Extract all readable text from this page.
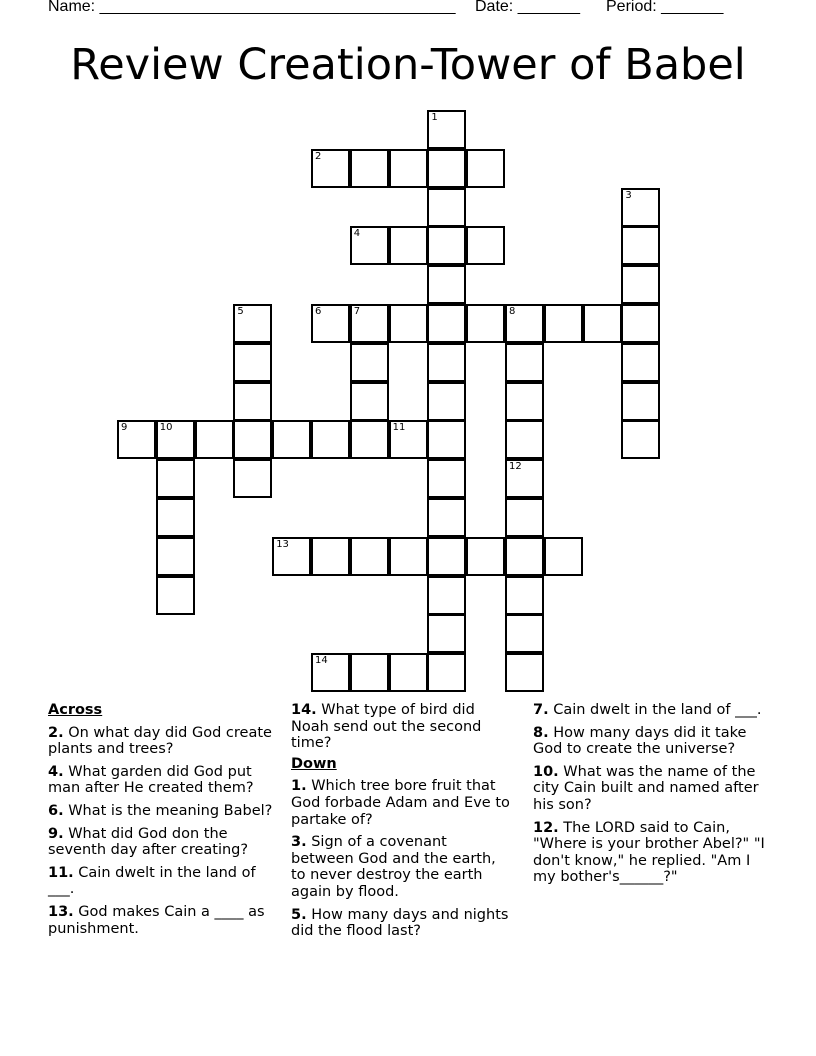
Name: ________________________________________

Date: _______

Period: _______

Review Creation-Tower of Babel
2
4
6	7	8
9	10	11
13
14
1
3
5
12
Across
2. On what day did God create plants and trees?
4. What garden did God put man after He created them?
6. What is the meaning Babel?
9. What did God don the seventh day after creating?
11. Cain dwelt in the land of ___.
13. God makes Cain a ____ as punishment.
14. What type of bird did Noah send out the second time?
Down
1. Which tree bore fruit that God forbade Adam and Eve to partake of?
3. Sign of a covenant between God and the earth, to never destroy the earth again by flood.
5. How many days and nights did the flood last?
7. Cain dwelt in the land of ___.
8. How many days did it take God to create the universe?
10. What was the name of the city Cain built and named after his son?
12. The LORD said to Cain, "Where is your brother Abel?" "I don't know," he replied. "Am I my bother's______?"
